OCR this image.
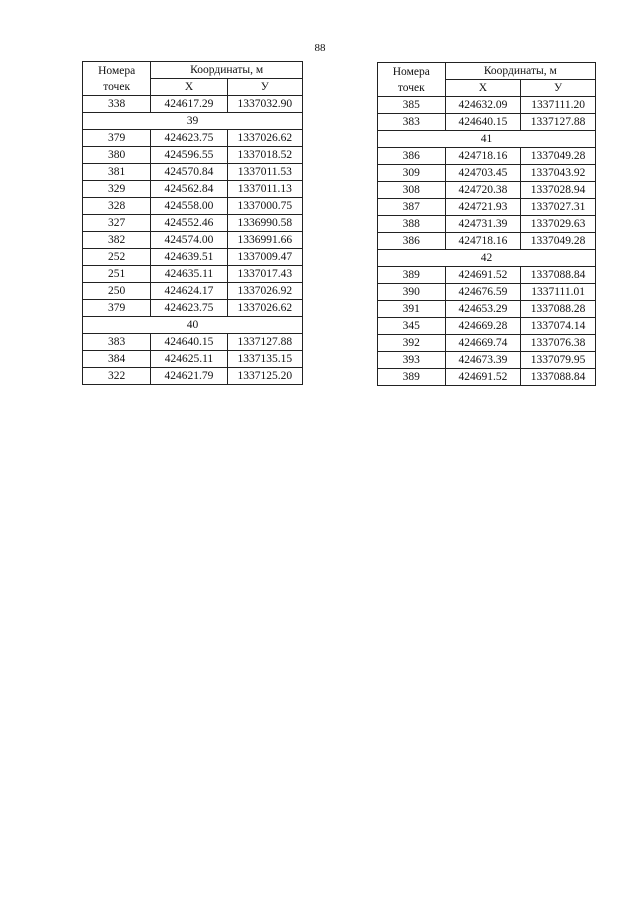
88
Номера
точек	Координаты, м	
	X	У
338	424617.29	1337032.90
39		
379	424623.75	1337026.62
380	424596.55	1337018.52
381	424570.84	1337011.53
329	424562.84	1337011.13
328	424558.00	1337000.75
327	424552.46	1336990.58
382	424574.00	1336991.66
252	424639.51	1337009.47
251	424635.11	1337017.43
250	424624.17	1337026.92
379	424623.75	1337026.62
40		
383	424640.15	1337127.88
384	424625.11	1337135.15
322	424621.79	1337125.20
Номера
точек	Координаты, м	
	X	У
385	424632.09	1337111.20
383	424640.15	1337127.88
41		
386	424718.16	1337049.28
309	424703.45	1337043.92
308	424720.38	1337028.94
387	424721.93	1337027.31
388	424731.39	1337029.63
386	424718.16	1337049.28
42		
389	424691.52	1337088.84
390	424676.59	1337111.01
391	424653.29	1337088.28
345	424669.28	1337074.14
392	424669.74	1337076.38
393	424673.39	1337079.95
389	424691.52	1337088.84
